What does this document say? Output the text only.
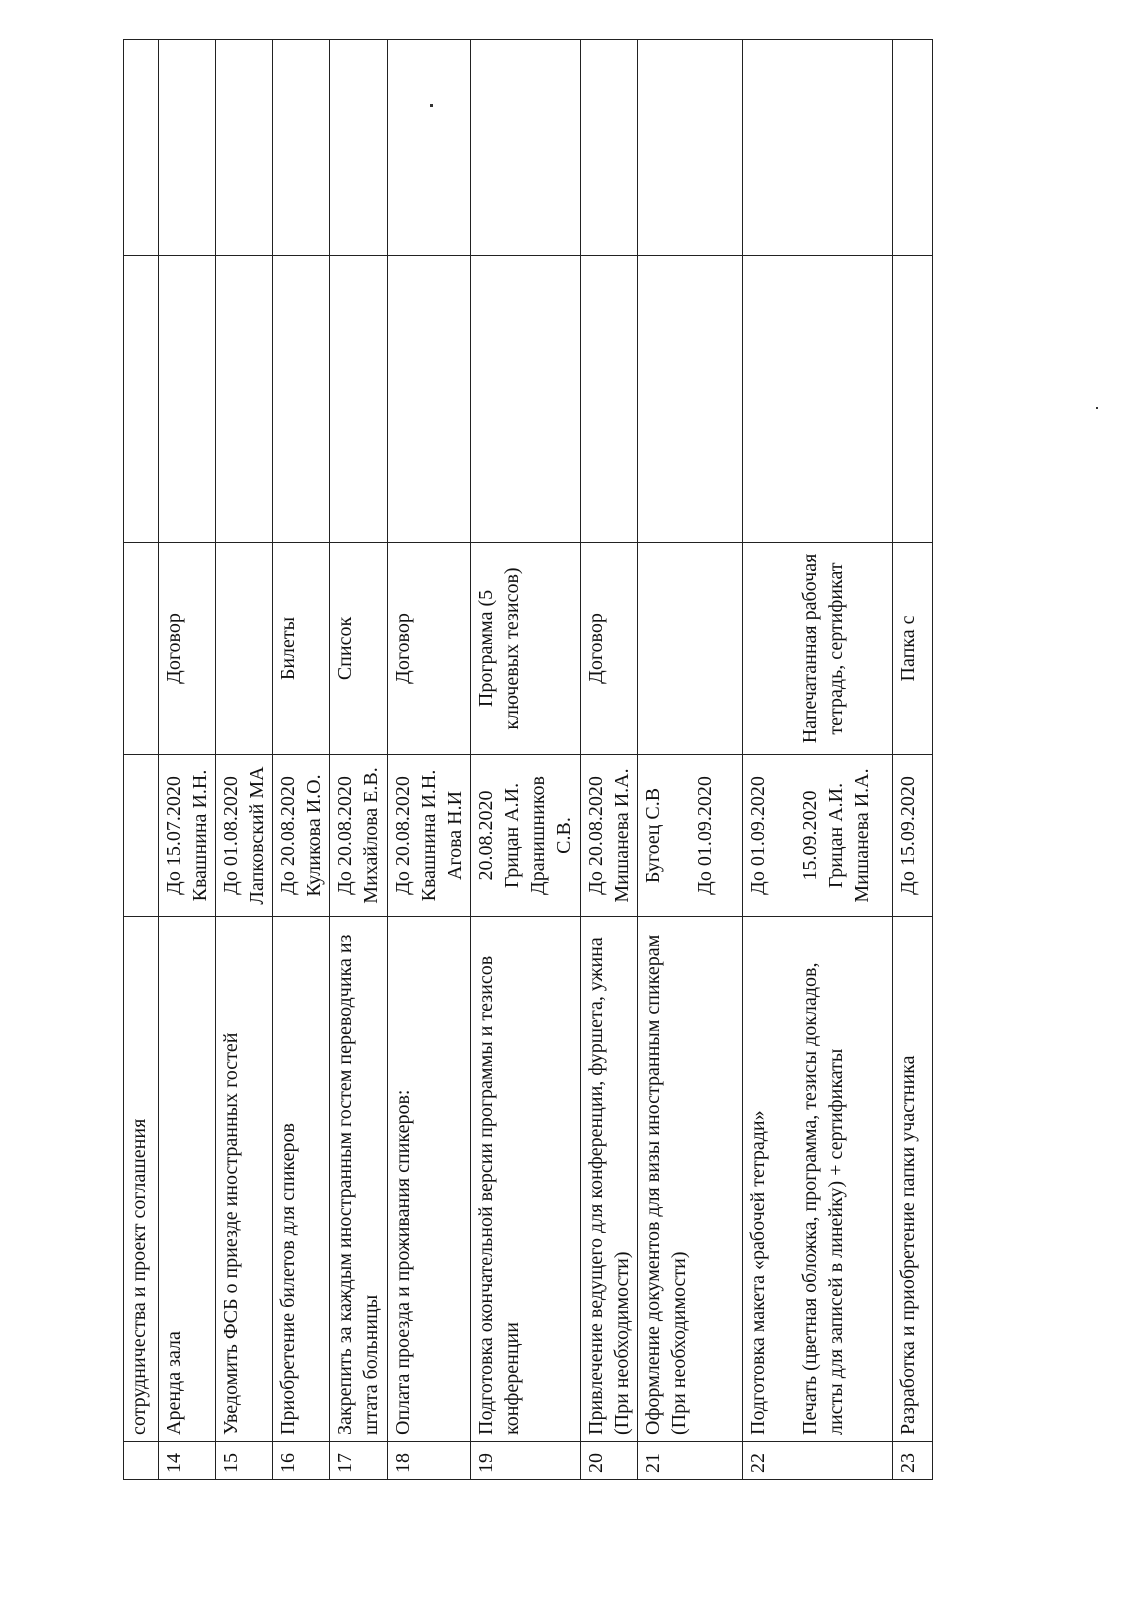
	сотрудничества и проект соглашения				
14	Аренда зала	До 15.07.2020 Квашнина И.Н.	Договор		
15	Уведомить ФСБ о приезде иностранных гостей	До 01.08.2020 Лапковский МА			
16	Приобретение билетов для спикеров	До 20.08.2020 Куликова И.О.	Билеты		
17	Закрепить за каждым иностранным гостем переводчика из штата больницы	До 20.08.2020 Михайлова Е.В.	Список		
18	Оплата проезда и проживания спикеров:	До 20.08.2020 Квашнина И.Н. Агова Н.И	Договор		
19	Подготовка окончательной версии программы и тезисов конференции	20.08.2020 Грицан А.И. Дранишников С.В.	Программа (5 ключевых тезисов)		
20	Привлечение ведущего для конференции, фуршета, ужина (При необходимости)	До 20.08.2020 Мишанева И.А.	Договор		
21	Оформление документов для визы иностранным спикерам (При необходимости)	Бугоец С.В До 01.09.2020			

22	Подготовка макета «рабочей тетради» Печать (цветная обложка, программа, тезисы докладов, листы для записей в линейку) + сертификаты	До 01.09.2020 15.09.2020 Грицан А.И. Мишанева И.А.	Напечатанная рабочая тетрадь, сертификат		

23	Разработка и приобретение папки участника	До 15.09.2020	Папка с		
